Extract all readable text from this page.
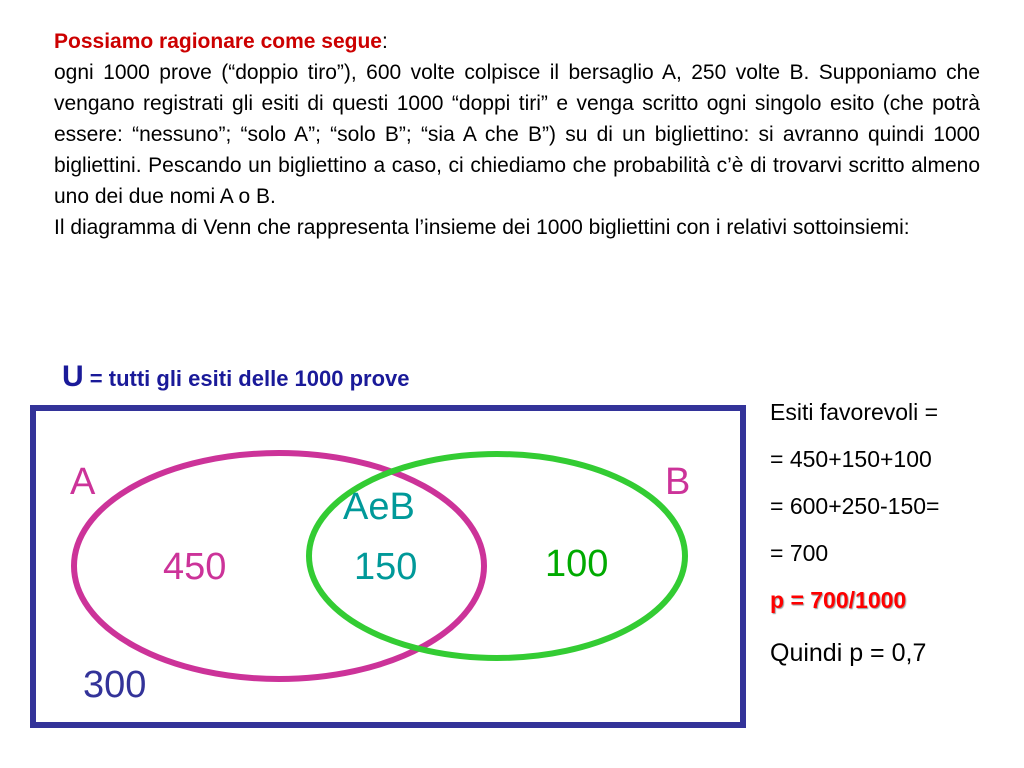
Possiamo ragionare come segue:

ogni 1000 prove (“doppio tiro”), 600 volte colpisce il bersaglio A, 250 volte B. Supponiamo che vengano registrati gli esiti di questi 1000 “doppi tiri” e venga scritto ogni singolo esito (che potrà essere: “nessuno”; “solo A”; “solo B”; “sia A che B”) su di un bigliettino: si avranno quindi 1000 bigliettini. Pescando un bigliettino a caso, ci chiediamo che probabilità c’è di trovarvi scritto almeno uno dei due nomi A o B.

Il diagramma di Venn che rappresenta l’insieme dei 1000 bigliettini con i relativi sottoinsiemi:

U = tutti gli esiti delle 1000 prove
A	B
AeB
450	150	100
300
Esiti favorevoli =
= 450+150+100
= 600+250-150=
= 700
p = 700/1000
Quindi p = 0,7
